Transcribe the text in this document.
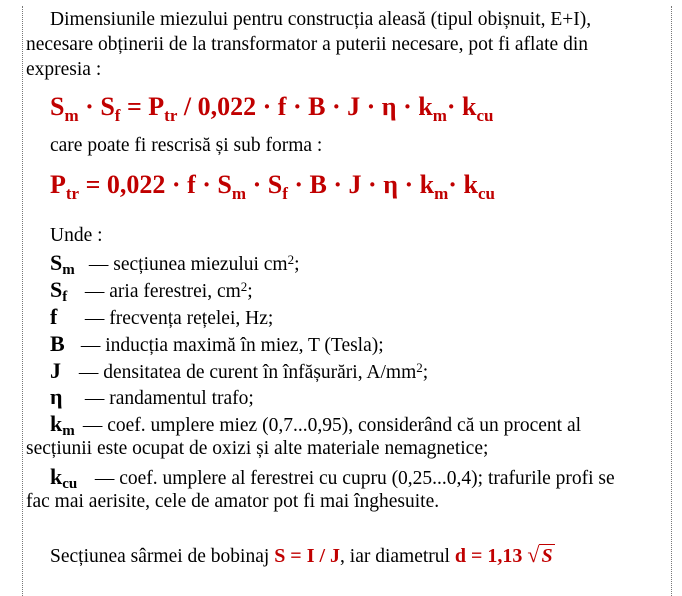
Dimensiunile miezului pentru construcția aleasă (tipul obișnuit, E+I),

necesare obținerii de la transformator a puterii necesare, pot fi aflate din

expresia :

$S_m \cdot S_f = P_{tr} / 0,022 \cdot f \cdot B \cdot J \cdot \eta \cdot k_m\cdot k_{cu}$

care poate fi rescrisă și sub forma :

$P_{tr} = 0,022 \cdot f \cdot S_m \cdot S_f \cdot B \cdot J \cdot \eta \cdot k_m\cdot k_{cu}$

Unde :

$S_m$ — secțiunea miezului $cm^2$;
$S_f$ — aria ferestrei, $cm^2$;
f — frecvența rețelei, Hz;
B — inducția maximă în miez, T (Tesla);
J — densitatea de curent în înfășurări, $A/mm^2$;
η — randamentul trafo;
$k_m$ — coef. umplere miez (0,7...0,95), considerând că un procent al

secțiunii este ocupat de oxizi și alte materiale nemagnetice;

$k_{cu}$ — coef. umplere al ferestrei cu cupru (0,25...0,4); trafurile profi se

fac mai aerisite, cele de amator pot fi mai înghesuite.

Secțiunea sârmei de bobinaj S = I / J, iar diametrul d = 1,13 √ S
